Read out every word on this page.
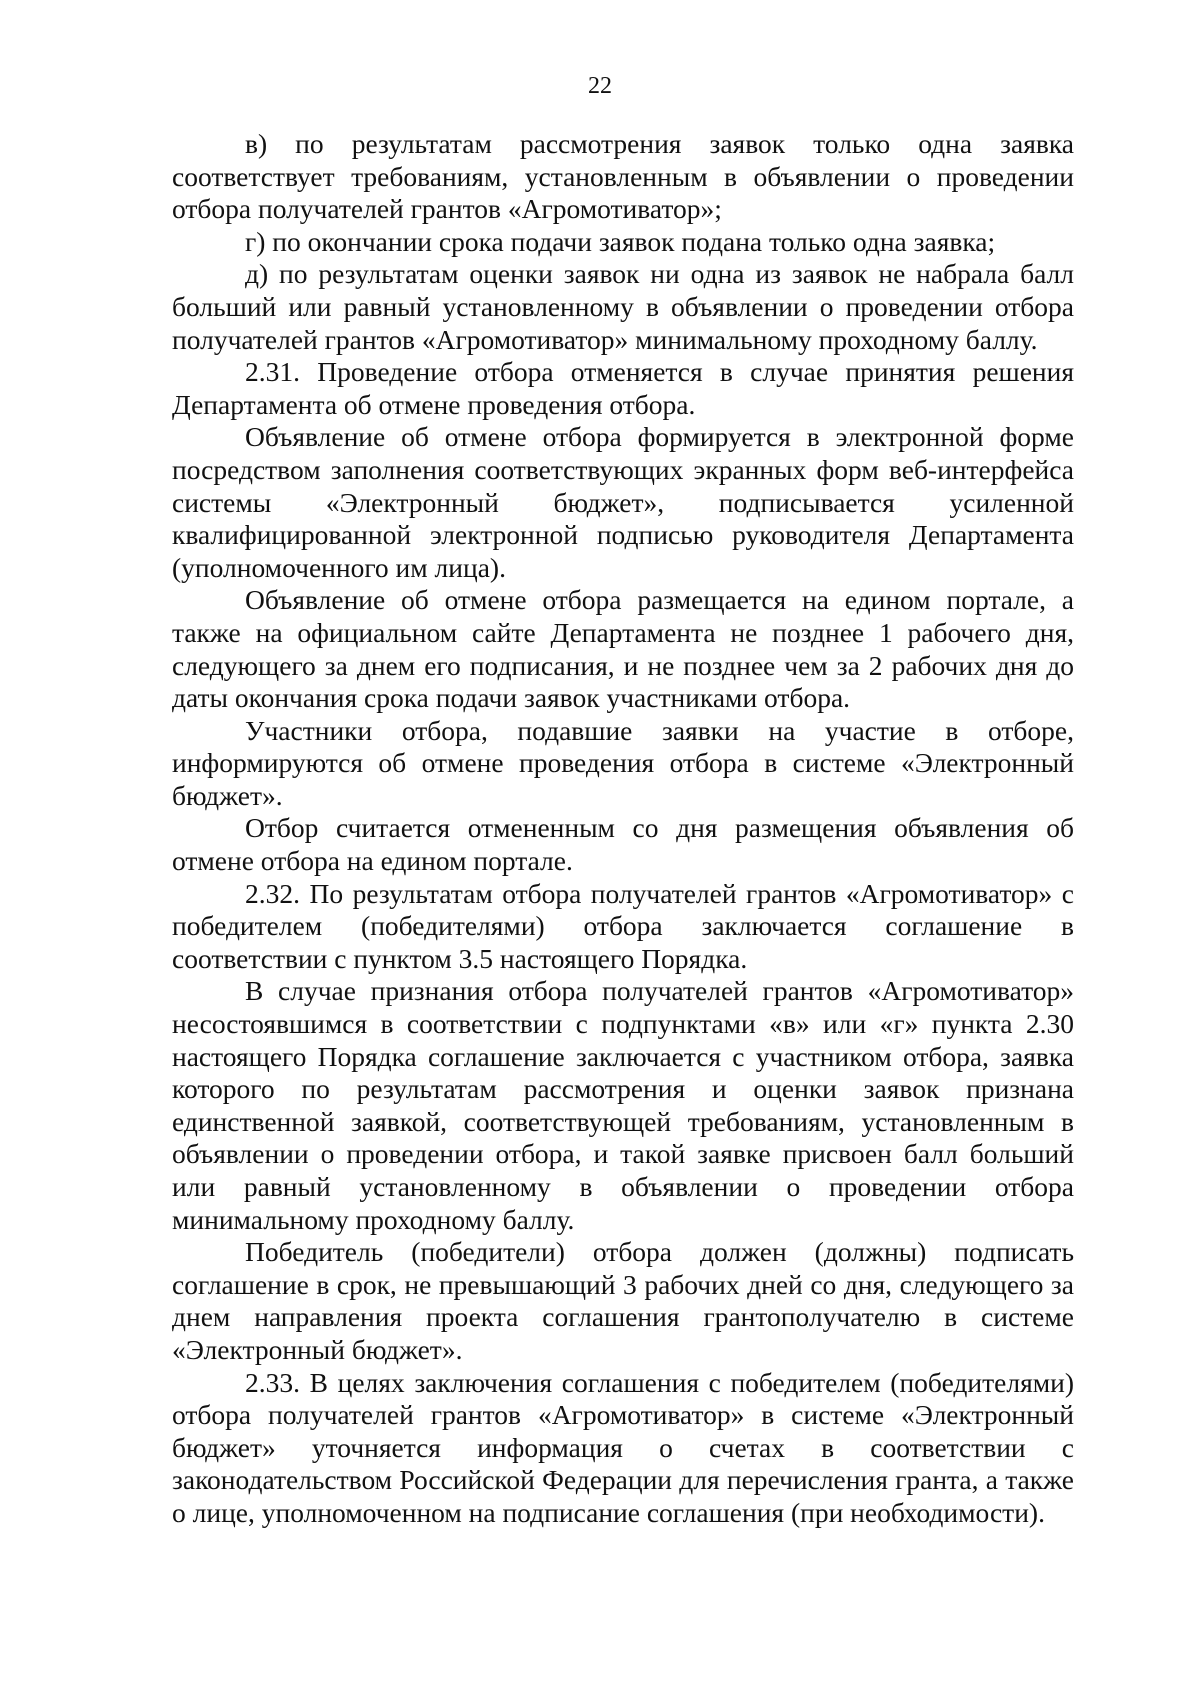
22

в) по результатам рассмотрения заявок только одна заявка соответствует требованиям, установленным в объявлении о проведении отбора получателей грантов «Агромотиватор»;

г) по окончании срока подачи заявок подана только одна заявка;

д) по результатам оценки заявок ни одна из заявок не набрала балл больший или равный установленному в объявлении о проведении отбора получателей грантов «Агромотиватор» минимальному проходному баллу.

2.31. Проведение отбора отменяется в случае принятия решения Департамента об отмене проведения отбора.

Объявление об отмене отбора формируется в электронной форме посредством заполнения соответствующих экранных форм веб-интерфейса системы «Электронный бюджет», подписывается усиленной квалифицированной электронной подписью руководителя Департамента (уполномоченного им лица).

Объявление об отмене отбора размещается на едином портале, а также на официальном сайте Департамента не позднее 1 рабочего дня, следующего за днем его подписания, и не позднее чем за 2 рабочих дня до даты окончания срока подачи заявок участниками отбора.

Участники отбора, подавшие заявки на участие в отборе, информируются об отмене проведения отбора в системе «Электронный бюджет».

Отбор считается отмененным со дня размещения объявления об отмене отбора на едином портале.

2.32. По результатам отбора получателей грантов «Агромотиватор» с победителем (победителями) отбора заключается соглашение в соответствии с пунктом 3.5 настоящего Порядка.

В случае признания отбора получателей грантов «Агромотиватор» несостоявшимся в соответствии с подпунктами «в» или «г» пункта 2.30 настоящего Порядка соглашение заключается с участником отбора, заявка которого по результатам рассмотрения и оценки заявок признана единственной заявкой, соответствующей требованиям, установленным в объявлении о проведении отбора, и такой заявке присвоен балл больший или равный установленному в объявлении о проведении отбора минимальному проходному баллу.

Победитель (победители) отбора должен (должны) подписать соглашение в срок, не превышающий 3 рабочих дней со дня, следующего за днем направления проекта соглашения грантополучателю в системе «Электронный бюджет».

2.33. В целях заключения соглашения с победителем (победителями) отбора получателей грантов «Агромотиватор» в системе «Электронный бюджет» уточняется информация о счетах в соответствии с законодательством Российской Федерации для перечисления гранта, а также о лице, уполномоченном на подписание соглашения (при необходимости).
